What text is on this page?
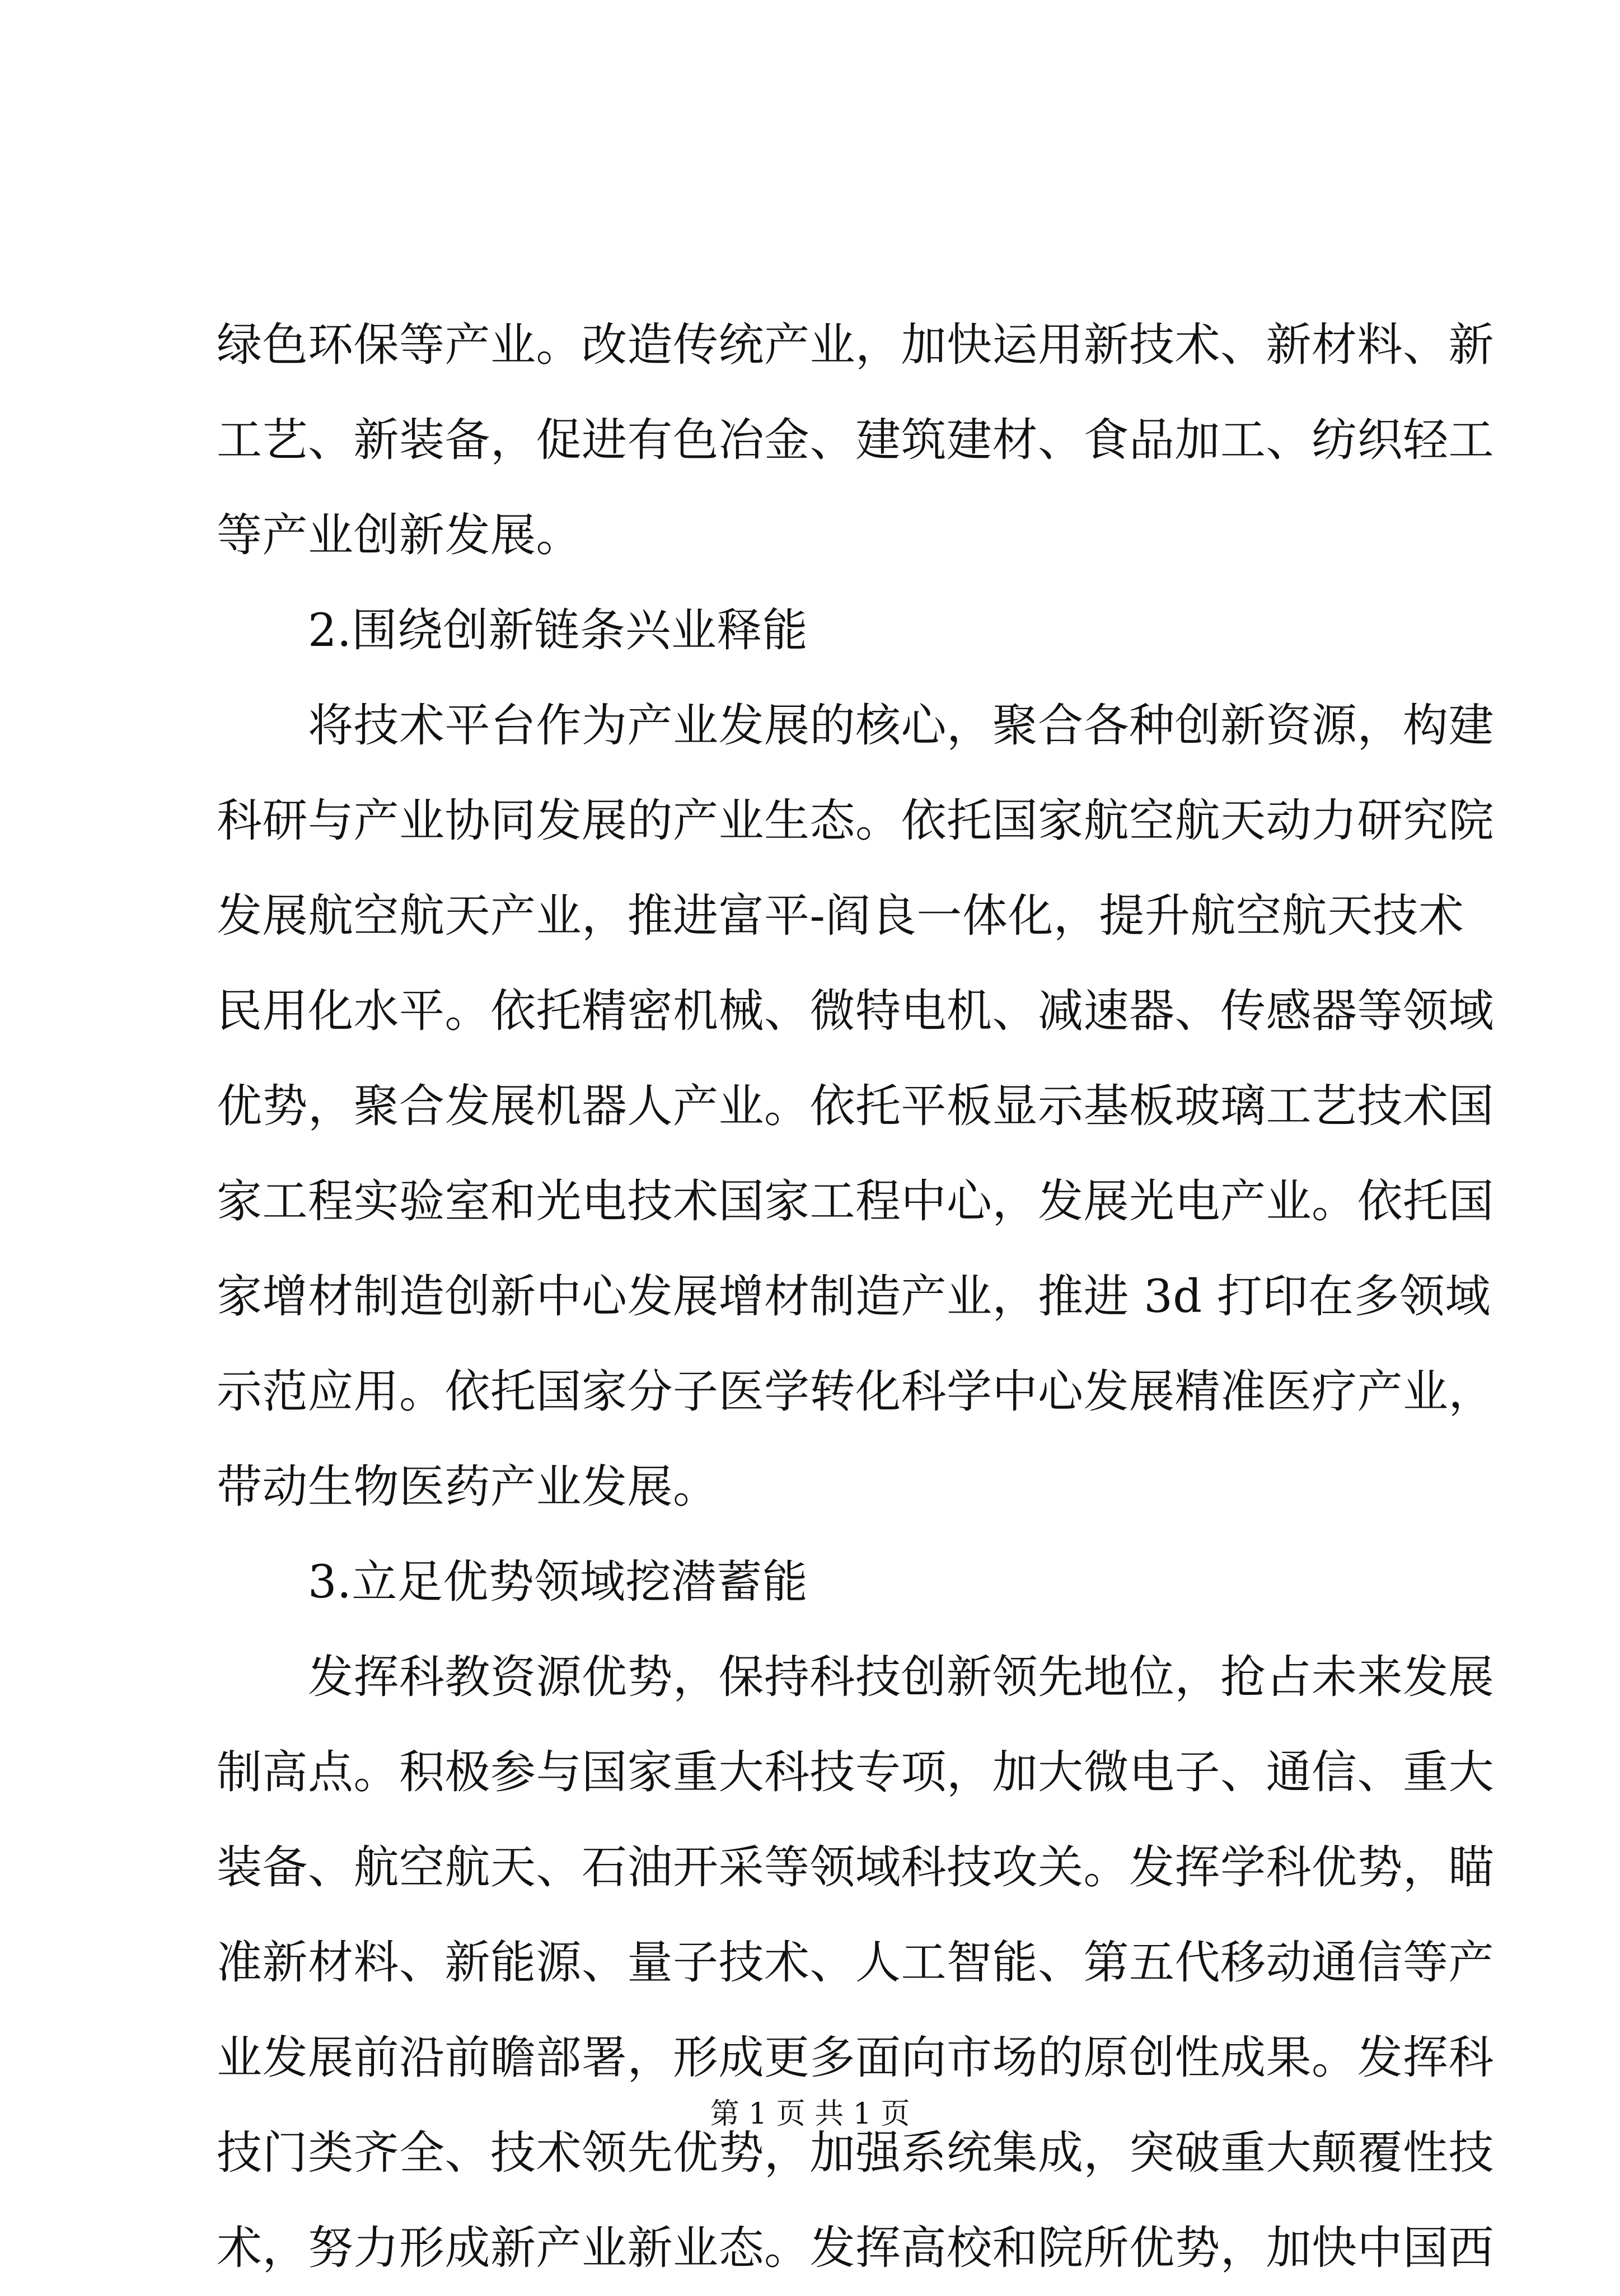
绿色环保等产业。改造传统产业，加快运用新技术、新材料、新
工艺、新装备，促进有色冶金、建筑建材、食品加工、纺织轻工
等产业创新发展。
2.围绕创新链条兴业释能
将技术平台作为产业发展的核心，聚合各种创新资源，构建
科研与产业协同发展的产业生态。依托国家航空航天动力研究院
发展航空航天产业，推进富平-阎良一体化，提升航空航天技术
民用化水平。依托精密机械、微特电机、减速器、传感器等领域
优势，聚合发展机器人产业。依托平板显示基板玻璃工艺技术国
家工程实验室和光电技术国家工程中心，发展光电产业。依托国
家增材制造创新中心发展增材制造产业，推进 3d 打印在多领域
示范应用。依托国家分子医学转化科学中心发展精准医疗产业，
带动生物医药产业发展。
3.立足优势领域挖潜蓄能
发挥科教资源优势，保持科技创新领先地位，抢占未来发展
制高点。积极参与国家重大科技专项，加大微电子、通信、重大
装备、航空航天、石油开采等领域科技攻关。发挥学科优势，瞄
准新材料、新能源、量子技术、人工智能、第五代移动通信等产
业发展前沿前瞻部署，形成更多面向市场的原创性成果。发挥科
技门类齐全、技术领先优势，加强系统集成，突破重大颠覆性技
术，努力形成新产业新业态。发挥高校和院所优势，加快中国西
第 1 页 共 1 页
